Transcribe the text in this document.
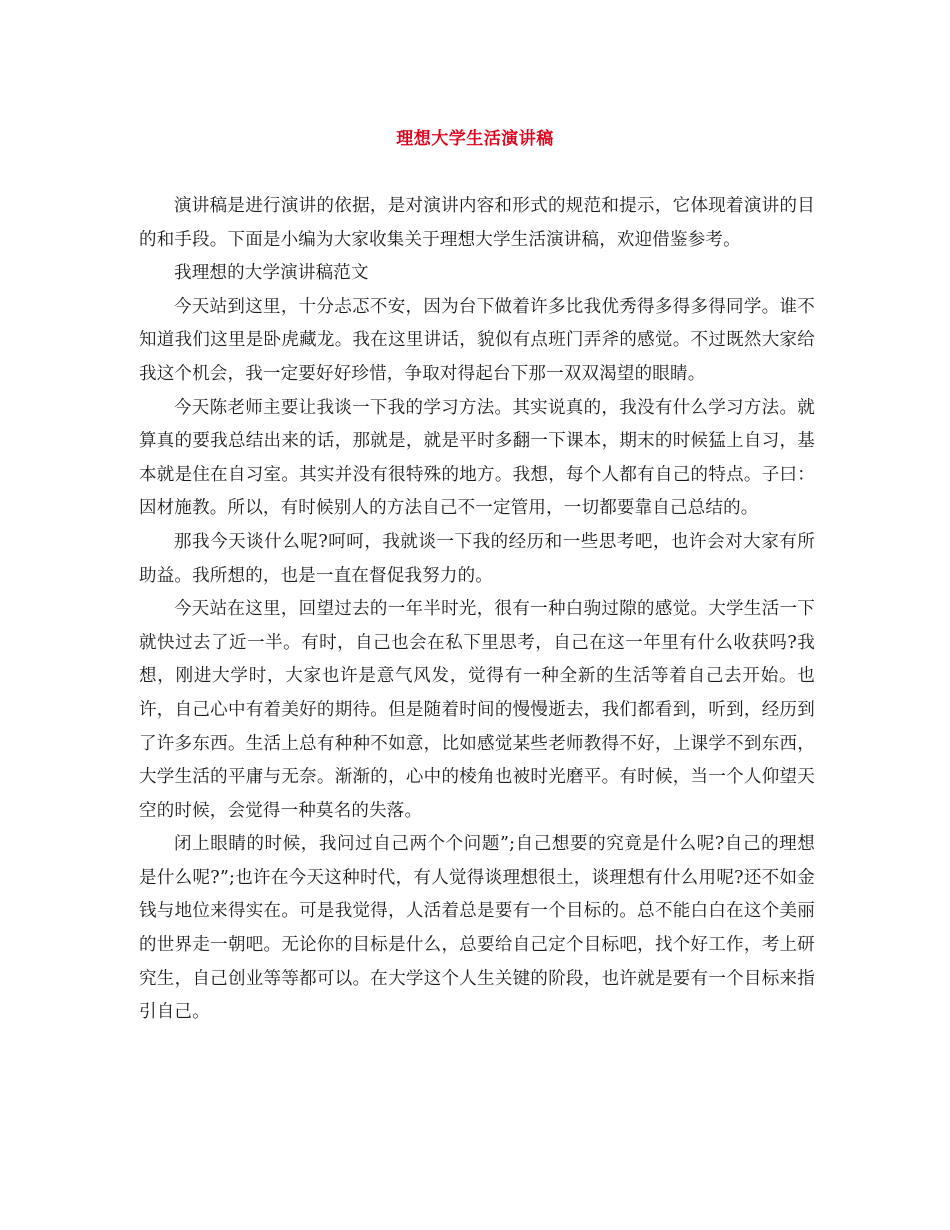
理想大学生活演讲稿

演讲稿是进行演讲的依据，是对演讲内容和形式的规范和提示，它体现着演讲的目的和手段。下面是小编为大家收集关于理想大学生活演讲稿，欢迎借鉴参考。

我理想的大学演讲稿范文

今天站到这里，十分忐忑不安，因为台下做着许多比我优秀得多得多得同学。谁不知道我们这里是卧虎藏龙。我在这里讲话，貌似有点班门弄斧的感觉。不过既然大家给我这个机会，我一定要好好珍惜，争取对得起台下那一双双渴望的眼睛。

今天陈老师主要让我谈一下我的学习方法。其实说真的，我没有什么学习方法。就算真的要我总结出来的话，那就是，就是平时多翻一下课本，期末的时候猛上自习，基本就是住在自习室。其实并没有很特殊的地方。我想，每个人都有自己的特点。子曰：因材施教。所以，有时候别人的方法自己不一定管用，一切都要靠自己总结的。

那我今天谈什么呢?呵呵，我就谈一下我的经历和一些思考吧，也许会对大家有所助益。我所想的，也是一直在督促我努力的。

今天站在这里，回望过去的一年半时光，很有一种白驹过隙的感觉。大学生活一下就快过去了近一半。有时，自己也会在私下里思考，自己在这一年里有什么收获吗?我想，刚进大学时，大家也许是意气风发，觉得有一种全新的生活等着自己去开始。也许，自己心中有着美好的期待。但是随着时间的慢慢逝去，我们都看到，听到，经历到了许多东西。生活上总有种种不如意，比如感觉某些老师教得不好，上课学不到东西，大学生活的平庸与无奈。渐渐的，心中的棱角也被时光磨平。有时候，当一个人仰望天空的时候，会觉得一种莫名的失落。

闭上眼睛的时候，我问过自己两个个问题”;自己想要的究竟是什么呢?自己的理想是什么呢?”;也许在今天这种时代，有人觉得谈理想很土，谈理想有什么用呢?还不如金钱与地位来得实在。可是我觉得，人活着总是要有一个目标的。总不能白白在这个美丽的世界走一朝吧。无论你的目标是什么，总要给自己定个目标吧，找个好工作，考上研究生，自己创业等等都可以。在大学这个人生关键的阶段，也许就是要有一个目标来指引自己。
